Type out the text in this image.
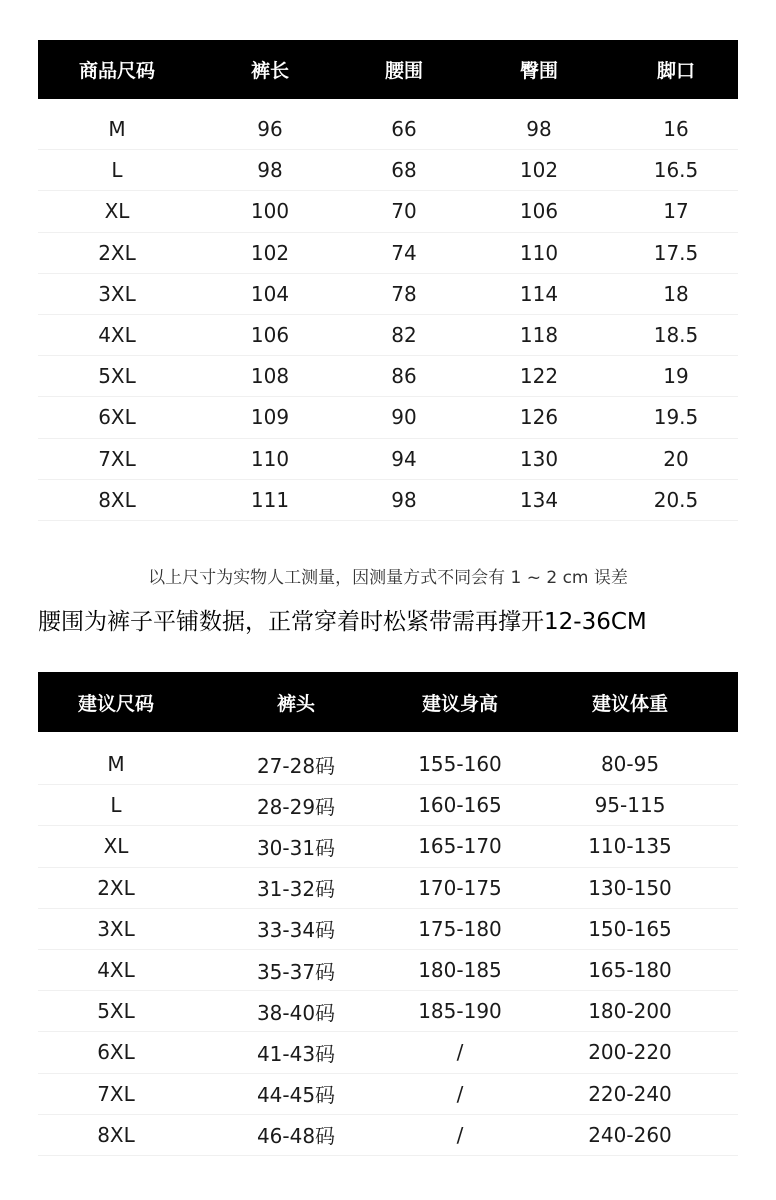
商品尺码	裤长	腰围	臀围	脚口
M	96	66	98	16
L	98	68	102	16.5
XL	100	70	106	17
2XL	102	74	110	17.5
3XL	104	78	114	18
4XL	106	82	118	18.5
5XL	108	86	122	19
6XL	109	90	126	19.5
7XL	110	94	130	20
8XL	111	98	134	20.5
以上尺寸为实物人工测量，因测量方式不同会有 1 ~ 2 cm 误差
腰围为裤子平铺数据，正常穿着时松紧带需再撑开12-36CM
建议尺码	裤头	建议身高	建议体重
M	27-28码	155-160	80-95
L	28-29码	160-165	95-115
XL	30-31码	165-170	110-135
2XL	31-32码	170-175	130-150
3XL	33-34码	175-180	150-165
4XL	35-37码	180-185	165-180
5XL	38-40码	185-190	180-200
6XL	41-43码	/	200-220
7XL	44-45码	/	220-240
8XL	46-48码	/	240-260
